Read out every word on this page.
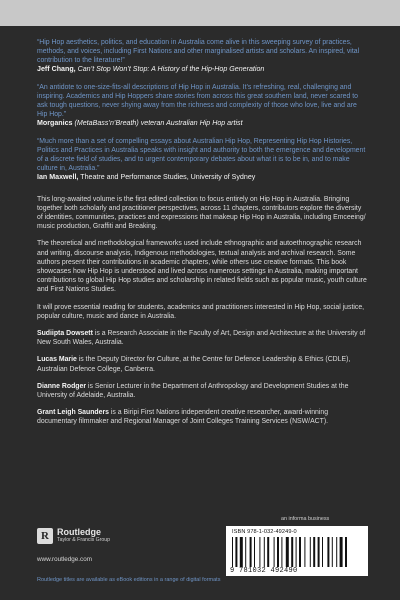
“Hip Hop aesthetics, politics, and education in Australia come alive in this sweeping survey of practices, methods, and voices, including First Nations and other marginalised artists and scholars. An inspired, vital contribution to the literature!”

Jeff Chang, Can’t Stop Won’t Stop: A History of the Hip-Hop Generation

“An antidote to one-size-fits-all descriptions of Hip Hop in Australia. It’s refreshing, real, challenging and inspiring. Academics and Hip Hoppers share stories from across this great southern land, never scared to ask tough questions, never shying away from the richness and complexity of those who love, live and are Hip Hop.”

Morganics (MetaBass’n’Breath) veteran Australian Hip Hop artist

“Much more than a set of compelling essays about Australian Hip Hop, Representing Hip Hop Histories, Politics and Practices in Australia speaks with insight and authority to both the emergence and development of a discrete field of studies, and to urgent contemporary debates about what it is to be in, and to make culture in, Australia.”

Ian Maxwell, Theatre and Performance Studies, University of Sydney

This long-awaited volume is the first edited collection to focus entirely on Hip Hop in Australia. Bringing together both scholarly and practitioner perspectives, across 11 chapters, contributors explore the diversity of identities, communities, practices and expressions that makeup Hip Hop in Australia, including Emceeing/ music production, Graffiti and Breaking.

The theoretical and methodological frameworks used include ethnographic and autoethnographic research and writing, discourse analysis, Indigenous methodologies, textual analysis and archival research. Some authors present their contributions in academic chapters, while others use creative formats. This book showcases how Hip Hop is understood and lived across numerous settings in Australia, making important contributions to global Hip Hop studies and scholarship in related fields such as popular music, youth culture and First Nations Studies.

It will prove essential reading for students, academics and practitioners interested in Hip Hop, social justice, popular culture, music and dance in Australia.

Sudiipta Dowsett is a Research Associate in the Faculty of Art, Design and Architecture at the University of New South Wales, Australia.

Lucas Marie is the Deputy Director for Culture, at the Centre for Defence Leadership & Ethics (CDLE), Australian Defence College, Canberra.

Dianne Rodger is Senior Lecturer in the Department of Anthropology and Development Studies at the University of Adelaide, Australia.

Grant Leigh Saunders is a Biripi First Nations independent creative researcher, award-winning documentary filmmaker and Regional Manager of Joint Colleges Training Services (NSW/ACT).

R Routledge
Taylor & Francis Group
www.routledge.com
Routledge titles are available as eBook editions in a range of digital formats
an informa business
ISBN 978-1-032-49249-0
9 781032 492490
